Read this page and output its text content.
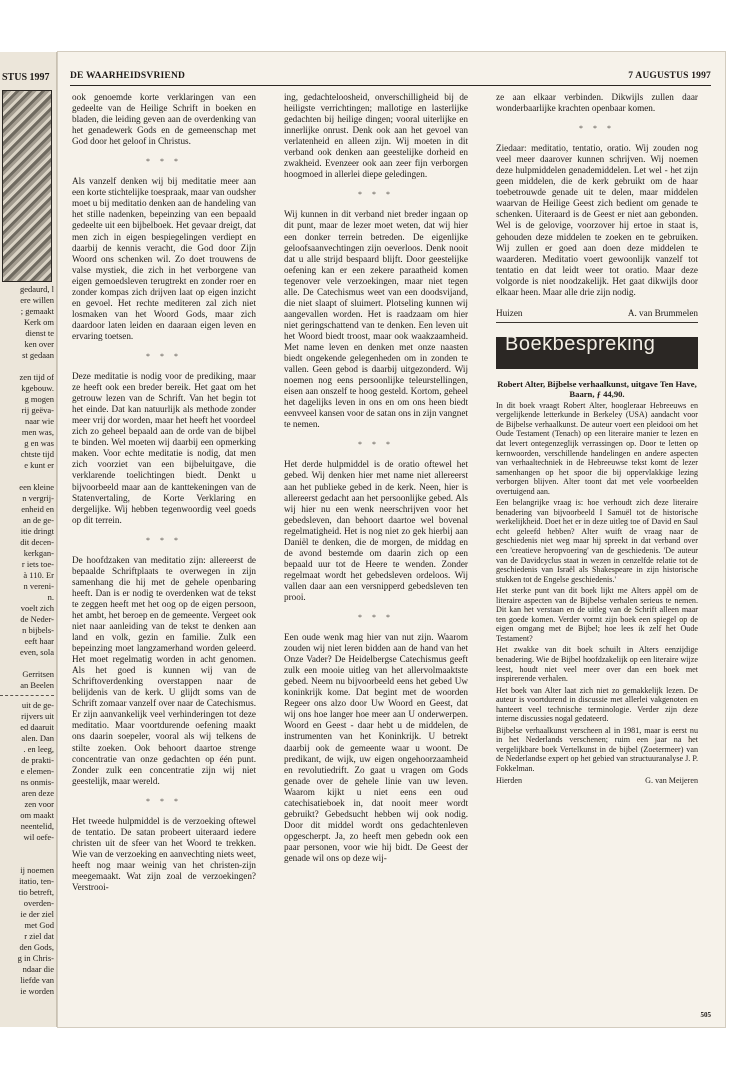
STUS 1997
gedaurd, l
ere willen
; gemaakt
Kerk om
dienst te
ken over
st gedaan
zen tijd of
kgebouw.
g mogen
rij geëva-
naar wie
men was,
g en was
chtste tijd
e kunt er
een kleine
n vergrij-
enheid en
an de ge-
itie dringt
dit decen-
kerkgan-
r iets toe-
à 110. Er
n vereni-
n.
voelt zich
de Neder-
n bijbels-
eeft haar
even, sola
Gerritsen
an Beelen
uit de ge-
rijvers uit
ed daaruit
alen. Dan
. en leeg,
de prakti-
e elemen-
ns onmis-
aren deze
zen voor
om maakt
neentelid,
wil oefe-
ij noemen
itatio, ten-
tio betreft,
overden-
ie der ziel
met God
r ziel dat
den Gods,
g in Chris-
ndaar die
liefde van
ie worden
DE WAARHEIDSVRIEND	7 AUGUSTUS 1997

ook genoemde korte verklaringen van een gedeelte van de Heilige Schrift in boeken en bladen, die leiding geven aan de overdenking van het genadewerk Gods en de gemeenschap met God door het geloof in Christus.

* * *

Als vanzelf denken wij bij meditatie meer aan een korte stichtelijke toespraak, maar van oudsher moet u bij meditatio denken aan de handeling van het stille nadenken, bepeinzing van een bepaald gedeelte uit een bijbelboek. Het gevaar dreigt, dat men zich in eigen bespiegelingen verdiept en daarbij de kennis veracht, die God door Zijn Woord ons schenken wil. Zo doet trouwens de valse mystiek, die zich in het verborgene van eigen gemoedsleven terugtrekt en zonder roer en zonder kompas zich drijven laat op eigen inzicht en gevoel. Het rechte mediteren zal zich niet losmaken van het Woord Gods, maar zich daardoor laten leiden en daaraan eigen leven en ervaring toetsen.

* * *

Deze meditatie is nodig voor de prediking, maar ze heeft ook een breder bereik. Het gaat om het getrouw lezen van de Schrift. Van het begin tot het einde. Dat kan natuurlijk als methode zonder meer vrij dor worden, maar het heeft het voordeel zich zo geheel bepaald aan de orde van de bijbel te binden. Wel moeten wij daarbij een opmerking maken. Voor echte meditatie is nodig, dat men zich voorziet van een bijbeluitgave, die verklarende toelichtingen biedt. Denkt u bijvoorbeeld maar aan de kanttekeningen van de Statenvertaling, de Korte Verklaring en dergelijke. Wij hebben tegenwoordig veel goeds op dit terrein.

* * *

De hoofdzaken van meditatio zijn: allereerst de bepaalde Schriftplaats te overwegen in zijn samenhang die hij met de gehele openbaring heeft. Dan is er nodig te overdenken wat de tekst te zeggen heeft met het oog op de eigen persoon, het ambt, het beroep en de gemeente. Vergeet ook niet naar aanleiding van de tekst te denken aan land en volk, gezin en familie. Zulk een bepeinzing moet langzamerhand worden geleerd. Het moet regelmatig worden in acht genomen. Als het goed is kunnen wij van de Schriftoverdenking overstappen naar de belijdenis van de kerk. U glijdt soms van de Schrift zomaar vanzelf over naar de Catechismus. Er zijn aanvankelijk veel verhinderingen tot deze meditatio. Maar voortdurende oefening maakt ons daarin soepeler, vooral als wij telkens de stilte zoeken. Ook behoort daartoe strenge concentratie van onze gedachten op één punt. Zonder zulk een concentratie zijn wij niet geestelijk, maar wereld.

* * *

Het tweede hulpmiddel is de verzoeking oftewel de tentatio. De satan probeert uiteraard iedere christen uit de sfeer van het Woord te trekken. Wie van de verzoeking en aanvechting niets weet, heeft nog maar weinig van het christen-zijn meegemaakt. Wat zijn zoal de verzoekingen? Verstrooi-

ing, gedachteloosheid, onverschilligheid bij de heiligste verrichtingen; mallotige en lasterlijke gedachten bij heilige dingen; vooral uiterlijke en innerlijke onrust. Denk ook aan het gevoel van verlatenheid en alleen zijn. Wij moeten in dit verband ook denken aan geestelijke dorheid en zwakheid. Evenzeer ook aan zeer fijn verborgen hoogmoed in allerlei diepe geledingen.

* * *

Wij kunnen in dit verband niet breder ingaan op dit punt, maar de lezer moet weten, dat wij hier een donker terrein betreden. De eigenlijke geloofsaanvechtingen zijn oeverloos. Denk nooit dat u alle strijd bespaard blijft. Door geestelijke oefening kan er een zekere paraatheid komen tegenover vele verzoekingen, maar niet tegen alle. De Catechismus weet van een doodsvijand, die niet slaapt of sluimert. Plotseling kunnen wij aangevallen worden. Het is raadzaam om hier niet geringschattend van te denken. Een leven uit het Woord biedt troost, maar ook waakzaamheid. Met name leven en denken met onze naasten biedt ongekende gelegenheden om in zonden te vallen. Geen gebod is daarbij uitgezonderd. Wij noemen nog eens persoonlijke teleurstellingen, eisen aan onszelf te hoog gesteld. Kortom, geheel het dagelijks leven in ons en om ons heen biedt eenvveel kansen voor de satan ons in zijn vangnet te nemen.

* * *

Het derde hulpmiddel is de oratio oftewel het gebed. Wij denken hier met name niet allereerst aan het publieke gebed in de kerk. Neen, hier is allereerst gedacht aan het persoonlijke gebed. Als wij hier nu een wenk neerschrijven voor het gebedsleven, dan behoort daartoe wel bovenal regelmatigheid. Het is nog niet zo gek hierbij aan Daniël te denken, die de morgen, de middag en de avond bestemde om daarin zich op een bepaald uur tot de Heere te wenden. Zonder regelmaat wordt het gebedsleven ordeloos. Wij vallen daar aan een versnipperd gebedsleven ten prooi.

* * *

Een oude wenk mag hier van nut zijn. Waarom zouden wij niet leren bidden aan de hand van het Onze Vader? De Heidelbergse Catechismus geeft zulk een mooie uitleg van het allervolmaaktste gebed. Neem nu bijvoorbeeld eens het gebed Uw koninkrijk kome. Dat begint met de woorden Regeer ons alzo door Uw Woord en Geest, dat wij ons hoe langer hoe meer aan U onderwerpen. Woord en Geest - daar hebt u de middelen, de instrumenten van het Koninkrijk. U betrekt daarbij ook de gemeente waar u woont. De predikant, de wijk, uw eigen ongehoorzaamheid en revolutiedrift. Zo gaat u vragen om Gods genade over de gehele linie van uw leven. Waarom kijkt u niet eens een oud catechisatieboek in, dat nooit meer wordt gebruikt? Gebedsucht hebben wij ook nodig. Door dit middel wordt ons gedachtenleven opgescherpt. Ja, zo heeft men gebedn ook een paar personen, voor wie hij bidt. De Geest der genade wil ons op deze wij-

ze aan elkaar verbinden. Dikwijls zullen daar wonderbaarlijke krachten openbaar komen.

* * *

Ziedaar: meditatio, tentatio, oratio. Wij zouden nog veel meer daarover kunnen schrijven. Wij noemen deze hulpmiddelen genademiddelen. Let wel - het zijn geen middelen, die de kerk gebruikt om de haar toebetrouwde genade uit te delen, maar middelen waarvan de Heilige Geest zich bedient om genade te schenken. Uiteraard is de Geest er niet aan gebonden. Wel is de gelovige, voorzover hij ertoe in staat is, gehouden deze middelen te zoeken en te gebruiken. Wij zullen er goed aan doen deze middelen te waarderen. Meditatio voert gewoonlijk vanzelf tot tentatio en dat leidt weer tot oratio. Maar deze volgorde is niet noodzakelijk. Het gaat dikwijls door elkaar heen. Maar alle drie zijn nodig.

Huizen	A. van Brummelen
Boekbespreking

Robert Alter, Bijbelse verhaalkunst, uitgave Ten Have, Baarn, ƒ 44,90.

In dit boek vraagt Robert Alter, hoogleraar Hebreeuws en vergelijkende letterkunde in Berkeley (USA) aandacht voor de Bijbelse verhaalkunst. De auteur voert een pleidooi om het Oude Testament (Tenach) op een literaire manier te lezen en dat levert ontegenzeglijk verrassingen op. Door te letten op kernwoorden, verschillende handelingen en andere aspecten van verhaaltechniek in de Hebreeuwse tekst komt de lezer samenhangen op het spoor die bij oppervlakkige lezing verborgen blijven. Alter toont dat met vele voorbeelden overtuigend aan.

Een belangrijke vraag is: hoe verhoudt zich deze literaire benadering van bijvoorbeeld I Samuël tot de historische werkelijkheid. Doet het er in deze uitleg toe of David en Saul echt geleefd hebben? Alter wuift de vraag naar de geschiedenis niet weg maar hij spreekt in dat verband over een 'creatieve heropvoering' van de geschiedenis. 'De auteur van de Davidcyclus staat in wezen in cenzelfde relatie tot de geschiedenis van Israël als Shakespeare in zijn historische stukken tot de Engelse geschiedenis.'

Het sterke punt van dit boek lijkt me Alters appèl om de literaire aspecten van de Bijbelse verhalen serieus te nemen. Dit kan het verstaan en de uitleg van de Schrift alleen maar ten goede komen. Verder vormt zijn boek een spiegel op de eigen omgang met de Bijbel; hoe lees ik zelf het Oude Testament?

Het zwakke van dit boek schuilt in Alters eenzijdige benadering. Wie de Bijbel hoofdzakelijk op een literaire wijze leest, houdt niet veel meer over dan een boek met inspirerende verhalen.

Het boek van Alter laat zich niet zo gemakkelijk lezen. De auteur is voortdurend in discussie met allerlei vakgenoten en hanteert veel technische terminologie. Verder zijn deze interne discussies nogal gedateerd.

Bijbelse verhaalkunst verscheen al in 1981, maar is eerst nu in het Nederlands verschenen; ruim een jaar na het vergelijkbare boek Vertelkunst in de bijbel (Zoetermeer) van de Nederlandse expert op het gebied van structuuranalyse J. P. Fokkelman.

Hierden	G. van Meijeren
505
